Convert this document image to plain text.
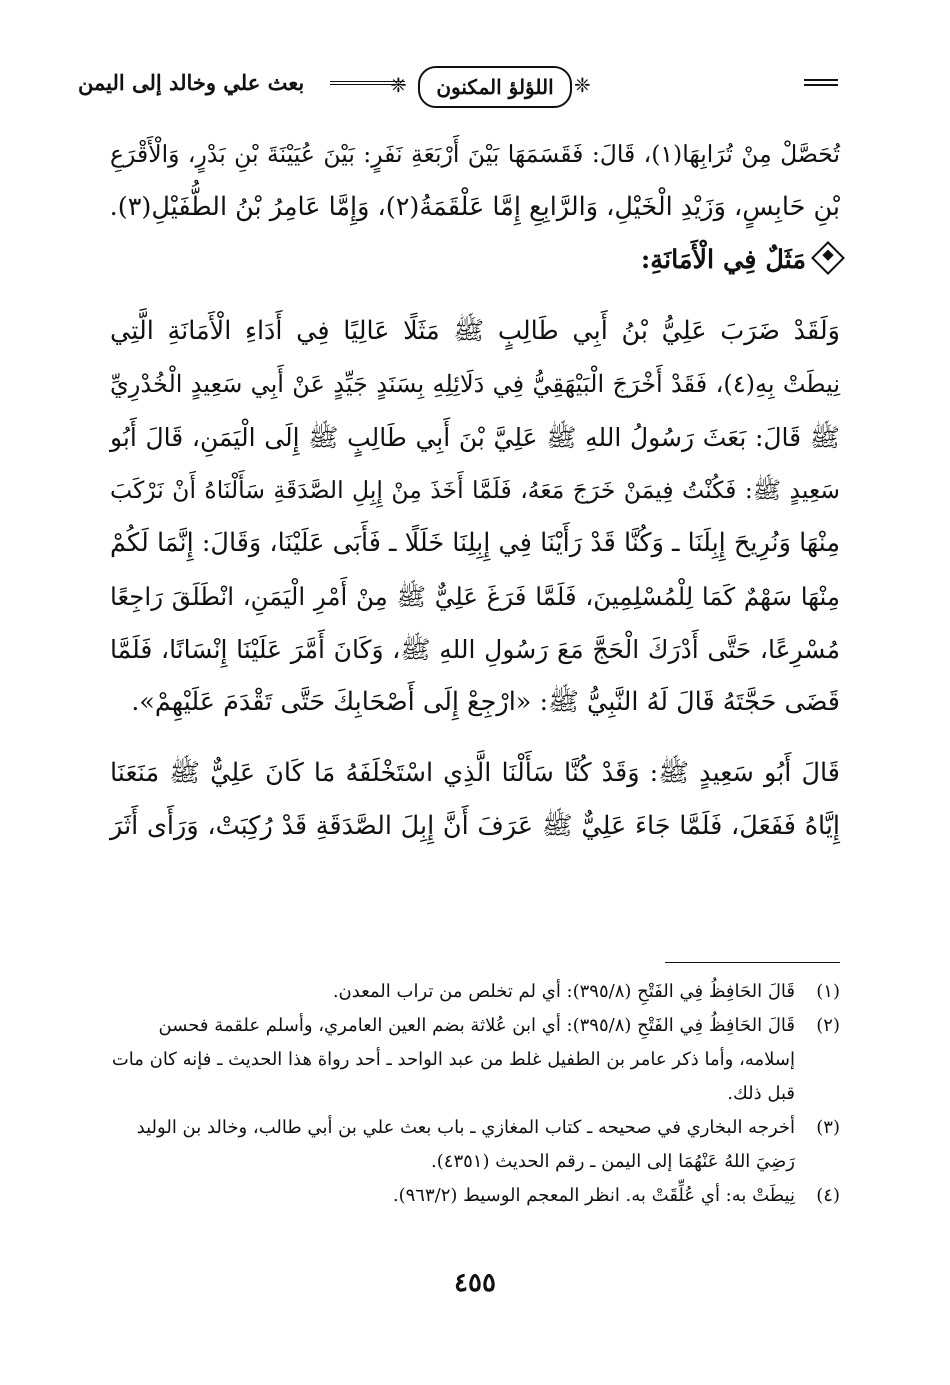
بعث علي وخالد إلى اليمن	❈ اللؤلؤ المكنون ❈
تُحَصَّلْ مِنْ تُرَابِهَا(١)، قَالَ: فَقَسَمَهَا بَيْنَ أَرْبَعَةِ نَفَرٍ: بَيْنَ عُيَيْنَةَ بْنِ بَدْرٍ، وَالْأَقْرَعِ
بْنِ حَابِسٍ، وَزَيْدِ الْخَيْلِ، وَالرَّابِعِ إِمَّا عَلْقَمَةُ(٢)، وَإِمَّا عَامِرُ بْنُ الطُّفَيْلِ(٣).
مَثَلٌ فِي الْأَمَانَةِ:
وَلَقَدْ ضَرَبَ عَلِيُّ بْنُ أَبِي طَالِبٍ ﷺ مَثَلًا عَالِيًا فِي أَدَاءِ الْأَمَانَةِ الَّتِي
نِيطَتْ بِهِ(٤)، فَقَدْ أَخْرَجَ الْبَيْهَقِيُّ فِي دَلَائِلِهِ بِسَنَدٍ جَيِّدٍ عَنْ أَبِي سَعِيدٍ الْخُدْرِيِّ
ﷺ قَالَ: بَعَثَ رَسُولُ اللهِ ﷺ عَلِيَّ بْنَ أَبِي طَالِبٍ ﷺ إِلَى الْيَمَنِ، قَالَ أَبُو
سَعِيدٍ ﷺ: فَكُنْتُ فِيمَنْ خَرَجَ مَعَهُ، فَلَمَّا أَخَذَ مِنْ إِبِلِ الصَّدَقَةِ سَأَلْنَاهُ أَنْ نَرْكَبَ
مِنْهَا وَنُرِيحَ إِبِلَنَا ـ وَكُنَّا قَدْ رَأَيْنَا فِي إِبِلِنَا خَلَلًا ـ فَأَبَى عَلَيْنَا، وَقَالَ: إِنَّمَا لَكُمْ
مِنْهَا سَهْمٌ كَمَا لِلْمُسْلِمِينَ، فَلَمَّا فَرَغَ عَلِيٌّ ﷺ مِنْ أَمْرِ الْيَمَنِ، انْطَلَقَ رَاجِعًا
مُسْرِعًا، حَتَّى أَدْرَكَ الْحَجَّ مَعَ رَسُولِ اللهِ ﷺ، وَكَانَ أَمَّرَ عَلَيْنَا إِنْسَانًا، فَلَمَّا
قَضَى حَجَّتَهُ قَالَ لَهُ النَّبِيُّ ﷺ: «ارْجِعْ إِلَى أَصْحَابِكَ حَتَّى تَقْدَمَ عَلَيْهِمْ».
قَالَ أَبُو سَعِيدٍ ﷺ: وَقَدْ كُنَّا سَأَلْنَا الَّذِي اسْتَخْلَفَهُ مَا كَانَ عَلِيٌّ ﷺ مَنَعَنَا
إِيَّاهُ فَفَعَلَ، فَلَمَّا جَاءَ عَلِيٌّ ﷺ عَرَفَ أَنَّ إِبِلَ الصَّدَقَةِ قَدْ رُكِبَتْ، وَرَأَى أَثَرَ
(١)
قَالَ الحَافِظُ فِي الفَتْحِ (٣٩٥/٨): أي لم تخلص من تراب المعدن.
(٢)
قَالَ الحَافِظُ فِي الفَتْحِ (٣٩٥/٨): أي ابن عُلاثة بضم العين العامري، وأسلم علقمة فحسن إسلامه، وأما ذكر عامر بن الطفيل غلط من عبد الواحد ـ أحد رواة هذا الحديث ـ فإنه كان مات قبل ذلك.
(٣)
أخرجه البخاري في صحيحه ـ كتاب المغازي ـ باب بعث علي بن أبي طالب، وخالد بن الوليد رَضِيَ اللهُ عَنْهُمَا إلى اليمن ـ رقم الحديث (٤٣٥١).
(٤)
نِيطَتْ به: أي عُلِّقَتْ به. انظر المعجم الوسيط (٩٦٣/٢).
٤٥٥
